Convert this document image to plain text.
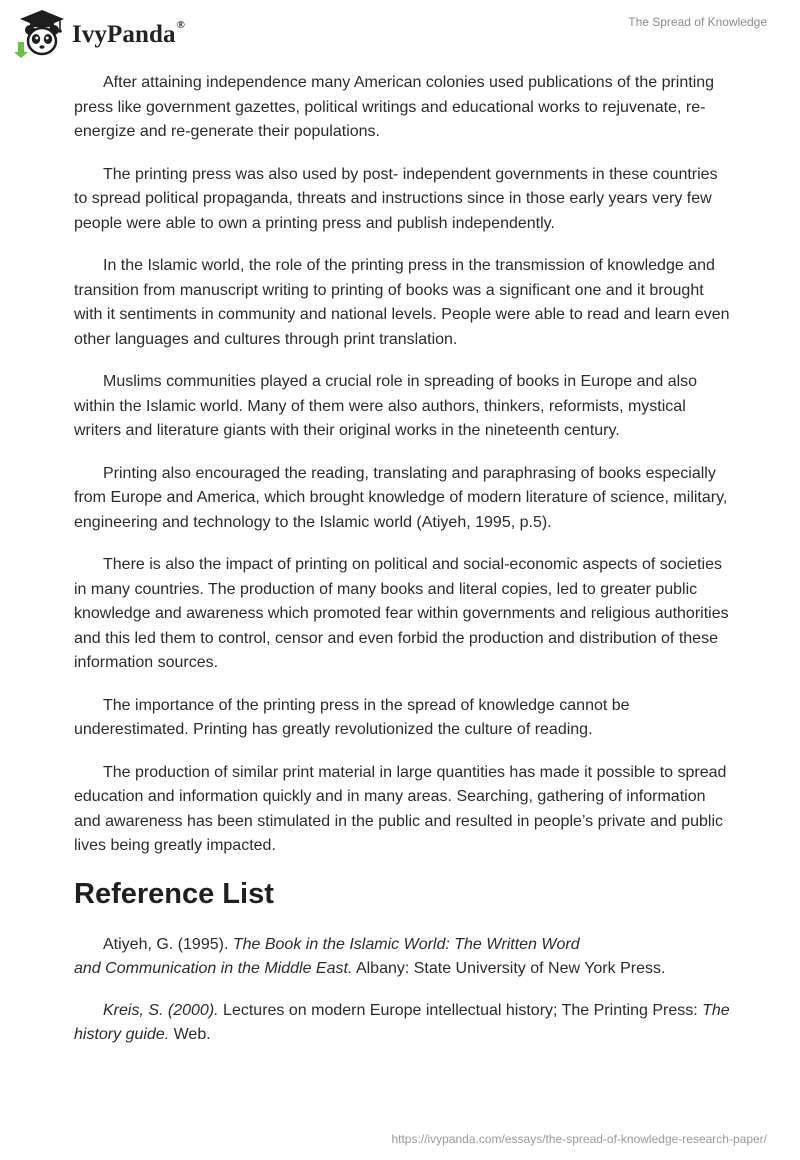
IvyPanda®	The Spread of Knowledge

After attaining independence many American colonies used publications of the printing press like government gazettes, political writings and educational works to rejuvenate, re-energize and re-generate their populations.

The printing press was also used by post- independent governments in these countries to spread political propaganda, threats and instructions since in those early years very few people were able to own a printing press and publish independently.

In the Islamic world, the role of the printing press in the transmission of knowledge and transition from manuscript writing to printing of books was a significant one and it brought with it sentiments in community and national levels. People were able to read and learn even other languages and cultures through print translation.

Muslims communities played a crucial role in spreading of books in Europe and also within the Islamic world. Many of them were also authors, thinkers, reformists, mystical writers and literature giants with their original works in the nineteenth century.

Printing also encouraged the reading, translating and paraphrasing of books especially from Europe and America, which brought knowledge of modern literature of science, military, engineering and technology to the Islamic world (Atiyeh, 1995, p.5).

There is also the impact of printing on political and social-economic aspects of societies in many countries. The production of many books and literal copies, led to greater public knowledge and awareness which promoted fear within governments and religious authorities and this led them to control, censor and even forbid the production and distribution of these information sources.

The importance of the printing press in the spread of knowledge cannot be underestimated. Printing has greatly revolutionized the culture of reading.

The production of similar print material in large quantities has made it possible to spread education and information quickly and in many areas. Searching, gathering of information and awareness has been stimulated in the public and resulted in people’s private and public lives being greatly impacted.

Reference List

Atiyeh, G. (1995). The Book in the Islamic World: The Written Word
and Communication in the Middle East. Albany: State University of New York Press.

Kreis, S. (2000). Lectures on modern Europe intellectual history; The Printing Press: The history guide. Web.

https://ivypanda.com/essays/the-spread-of-knowledge-research-paper/
